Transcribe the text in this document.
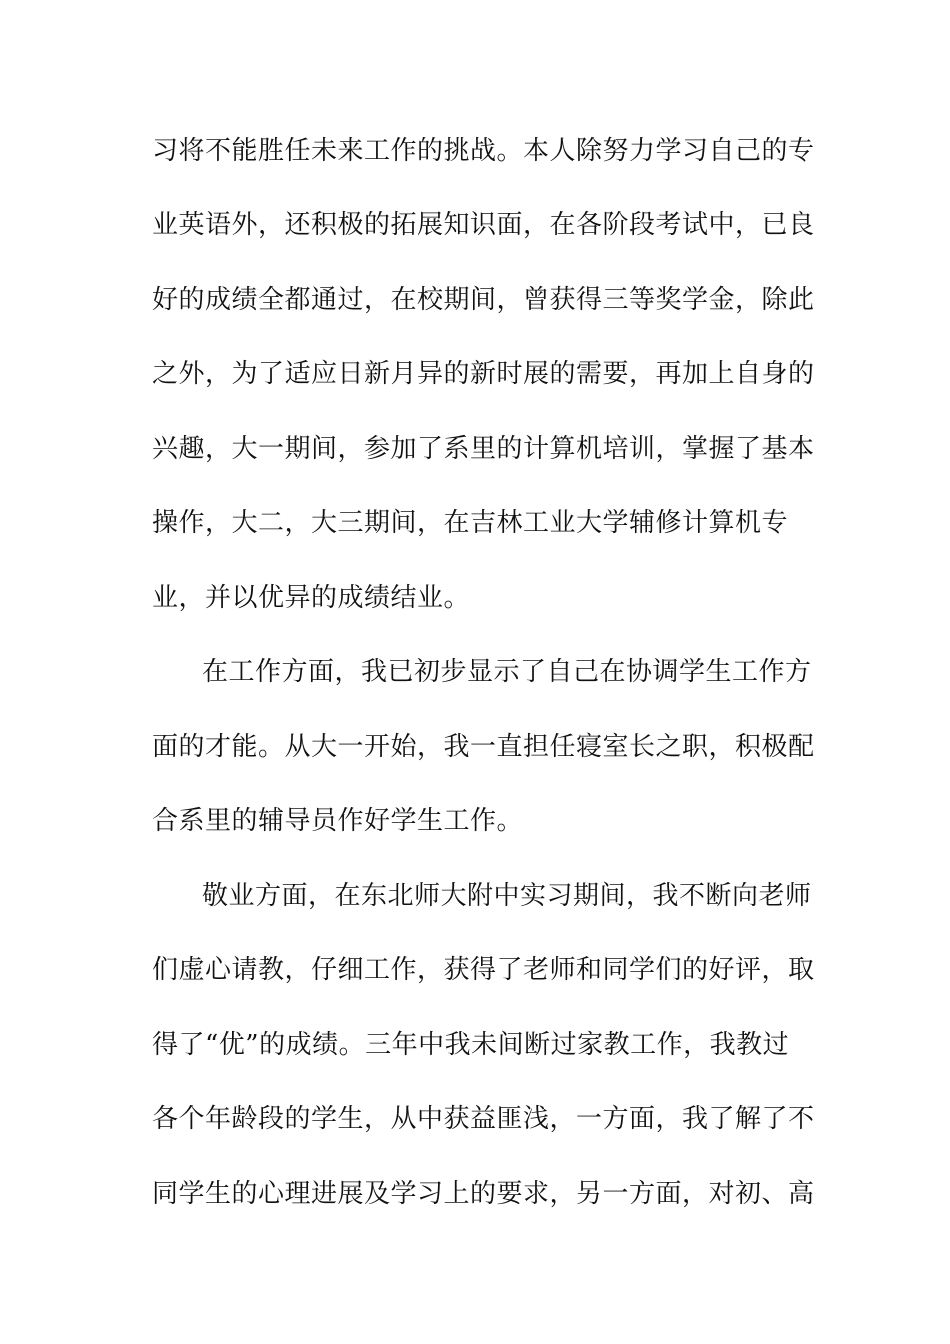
习将不能胜任未来工作的挑战。本人除努力学习自己的专
业英语外，还积极的拓展知识面，在各阶段考试中，已良
好的成绩全都通过，在校期间，曾获得三等奖学金，除此
之外，为了适应日新月异的新时展的需要，再加上自身的
兴趣，大一期间，参加了系里的计算机培训，掌握了基本
操作，大二，大三期间，在吉林工业大学辅修计算机专
业，并以优异的成绩结业。
在工作方面，我已初步显示了自己在协调学生工作方
面的才能。从大一开始，我一直担任寝室长之职，积极配
合系里的辅导员作好学生工作。
敬业方面，在东北师大附中实习期间，我不断向老师
们虚心请教，仔细工作，获得了老师和同学们的好评，取
得了“优”的成绩。三年中我未间断过家教工作，我教过
各个年龄段的学生，从中获益匪浅，一方面，我了解了不
同学生的心理进展及学习上的要求，另一方面，对初、高
